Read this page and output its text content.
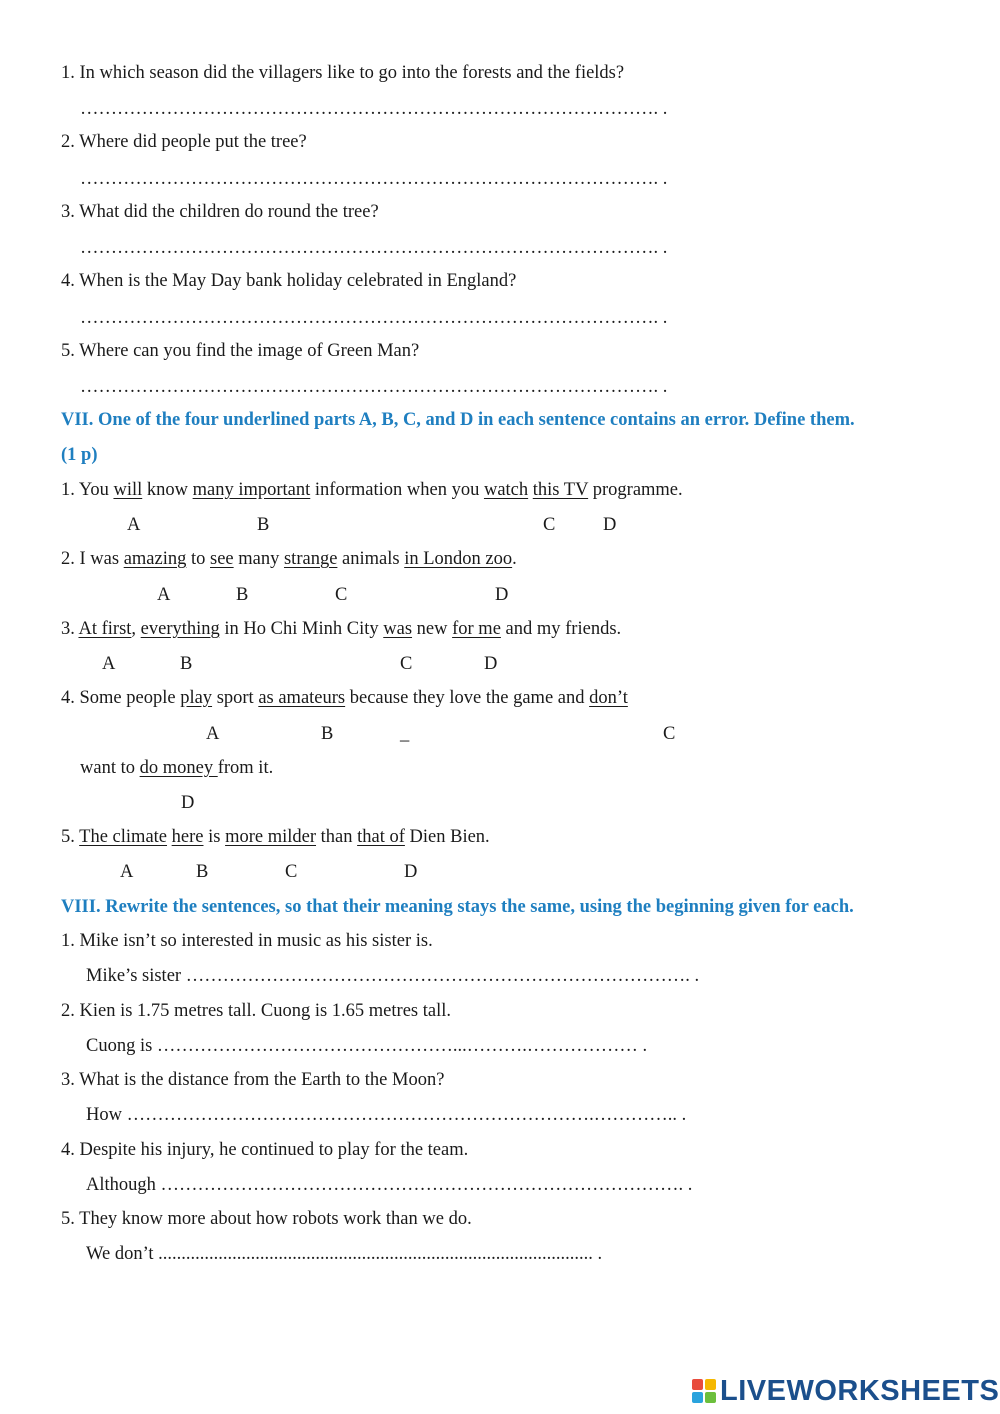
1. In which season did the villagers like to go into the forests and the fields?
…………………………………………………………………………………. .
2. Where did people put the tree?
…………………………………………………………………………………. .
3. What did the children do round the tree?
…………………………………………………………………………………. .
4. When is the May Day bank holiday celebrated in England?
…………………………………………………………………………………. .
5. Where can you find the image of Green Man?
…………………………………………………………………………………. .
VII. One of the four underlined parts A, B, C, and D in each sentence contains an error. Define them.
(1 p)
1. You will know many important information when you watch this TV programme.
A	B	C	D
2. I was amazing to see many strange animals in London zoo.
A	B	C	D
3. At first, everything in Ho Chi Minh City was new for me and my friends.
A	B	C	D
4. Some people play sport as amateurs because they love the game and don’t
A	B	_	C
want to do money from it.
D
5. The climate here is more milder than that of Dien Bien.
A	B	C	D
VIII. Rewrite the sentences, so that their meaning stays the same, using the beginning given for each.
1. Mike isn’t so interested in music as his sister is.
Mike’s sister ………………………………………………………………………. .
2. Kien is 1.75 metres tall. Cuong is 1.65 metres tall.
Cuong is …………………………………………...……….……………… .
3. What is the distance from the Earth to the Moon?
How ………………………………………………………………….………….. .
4. Despite his injury, he continued to play for the team.
Although …………………………………………………………………………. .
5. They know more about how robots work than we do.
We don’t .............................................................................................. .
LIVEWORKSHEETS
